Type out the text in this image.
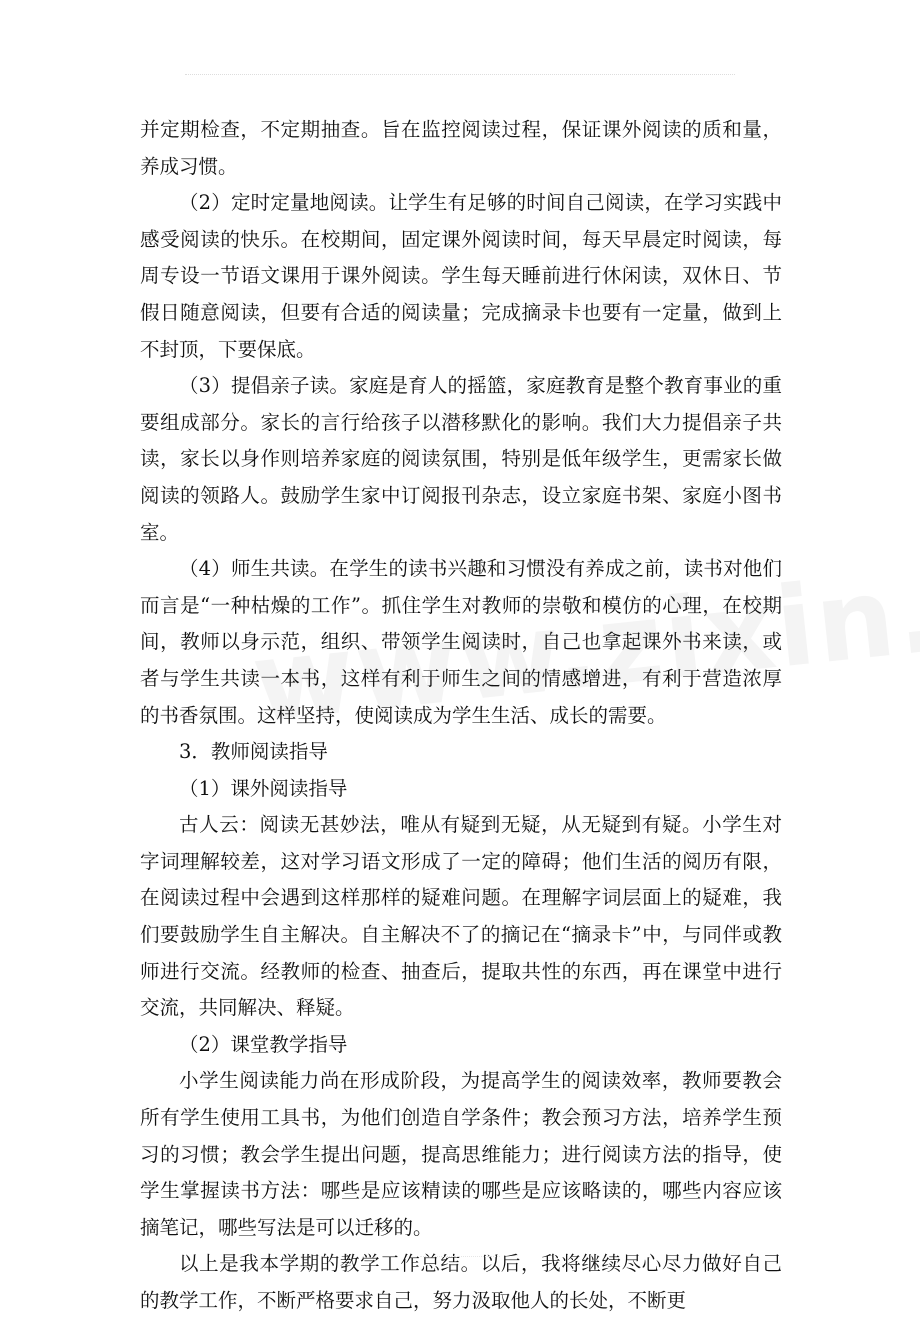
并定期检查，不定期抽查。旨在监控阅读过程，保证课外阅读的质和量，养成习惯。

（2）定时定量地阅读。让学生有足够的时间自己阅读，在学习实践中感受阅读的快乐。在校期间，固定课外阅读时间，每天早晨定时阅读，每周专设一节语文课用于课外阅读。学生每天睡前进行休闲读，双休日、节假日随意阅读，但要有合适的阅读量；完成摘录卡也要有一定量，做到上不封顶，下要保底。

（3）提倡亲子读。家庭是育人的摇篮，家庭教育是整个教育事业的重要组成部分。家长的言行给孩子以潜移默化的影响。我们大力提倡亲子共读，家长以身作则培养家庭的阅读氛围，特别是低年级学生，更需家长做阅读的领路人。鼓励学生家中订阅报刊杂志，设立家庭书架、家庭小图书室。

（4）师生共读。在学生的读书兴趣和习惯没有养成之前，读书对他们而言是“一种枯燥的工作”。抓住学生对教师的崇敬和模仿的心理，在校期间，教师以身示范，组织、带领学生阅读时，自己也拿起课外书来读，或者与学生共读一本书，这样有利于师生之间的情感增进，有利于营造浓厚的书香氛围。这样坚持，使阅读成为学生生活、成长的需要。

3．教师阅读指导

（1）课外阅读指导

古人云：阅读无甚妙法，唯从有疑到无疑，从无疑到有疑。小学生对字词理解较差，这对学习语文形成了一定的障碍；他们生活的阅历有限，在阅读过程中会遇到这样那样的疑难问题。在理解字词层面上的疑难，我们要鼓励学生自主解决。自主解决不了的摘记在“摘录卡”中，与同伴或教师进行交流。经教师的检查、抽查后，提取共性的东西，再在课堂中进行交流，共同解决、释疑。

（2）课堂教学指导

小学生阅读能力尚在形成阶段，为提高学生的阅读效率，教师要教会所有学生使用工具书，为他们创造自学条件；教会预习方法，培养学生预习的习惯；教会学生提出问题，提高思维能力；进行阅读方法的指导，使学生掌握读书方法：哪些是应该精读的哪些是应该略读的，哪些内容应该摘笔记，哪些写法是可以迁移的。

以上是我本学期的教学工作总结。以后，我将继续尽心尽力做好自己的教学工作，不断严格要求自己，努力汲取他人的长处，不断更
